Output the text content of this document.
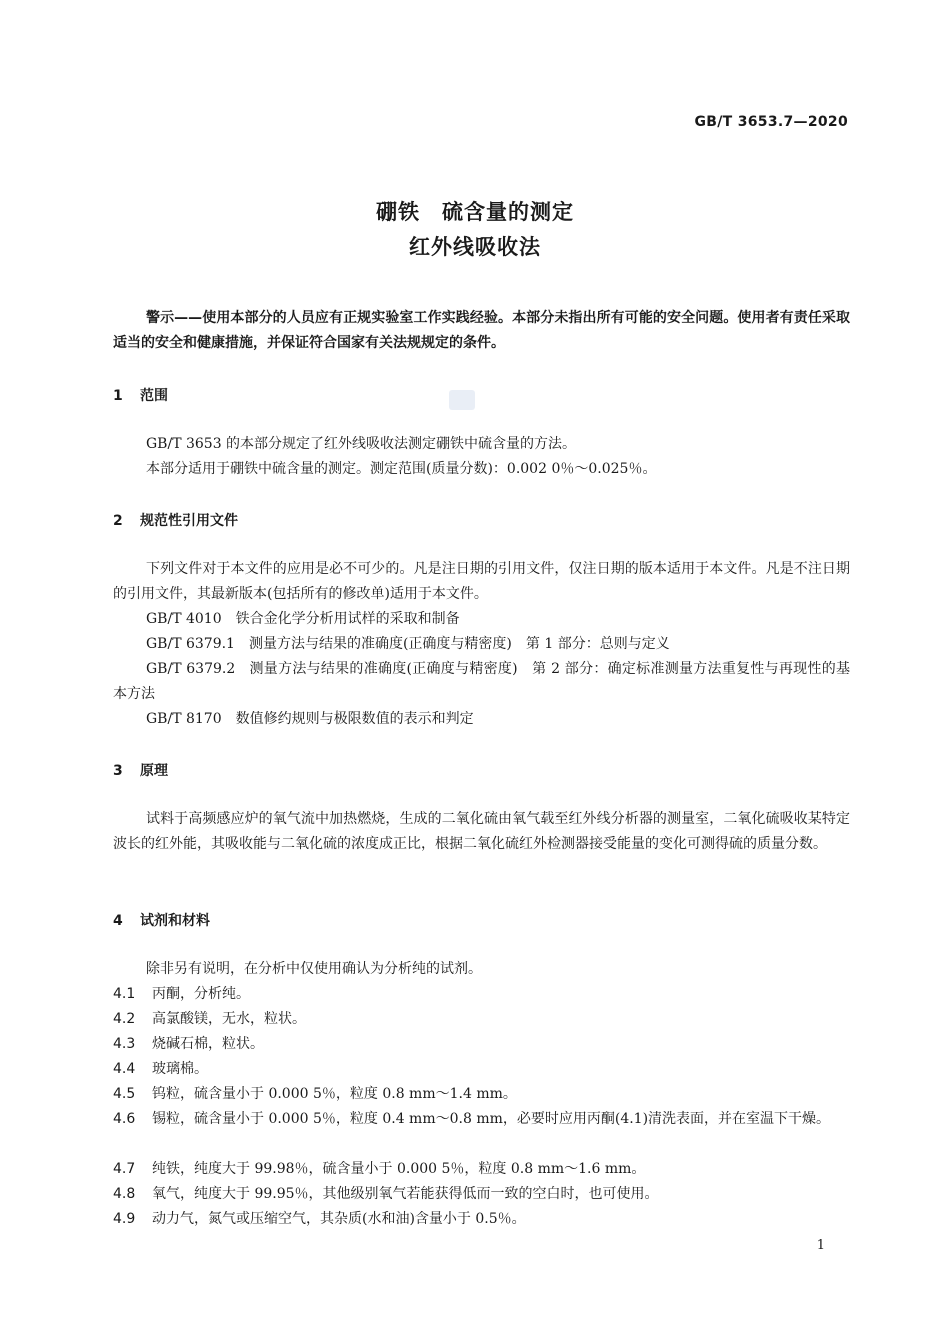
GB/T 3653.7—2020
硼铁　硫含量的测定
红外线吸收法
警示——使用本部分的人员应有正规实验室工作实践经验。本部分未指出所有可能的安全问题。使用者有责任采取适当的安全和健康措施，并保证符合国家有关法规规定的条件。
1 范围
GB/T 3653 的本部分规定了红外线吸收法测定硼铁中硫含量的方法。
本部分适用于硼铁中硫含量的测定。测定范围(质量分数)：0.002 0％～0.025％。
2 规范性引用文件
下列文件对于本文件的应用是必不可少的。凡是注日期的引用文件，仅注日期的版本适用于本文件。凡是不注日期的引用文件，其最新版本(包括所有的修改单)适用于本文件。
GB/T 4010 铁合金化学分析用试样的采取和制备
GB/T 6379.1 测量方法与结果的准确度(正确度与精密度)　第 1 部分：总则与定义
GB/T 6379.2 测量方法与结果的准确度(正确度与精密度)　第 2 部分：确定标准测量方法重复性与再现性的基本方法
GB/T 8170 数值修约规则与极限数值的表示和判定
3 原理
试料于高频感应炉的氧气流中加热燃烧，生成的二氧化硫由氧气载至红外线分析器的测量室，二氧化硫吸收某特定波长的红外能，其吸收能与二氧化硫的浓度成正比，根据二氧化硫红外检测器接受能量的变化可测得硫的质量分数。
4 试剂和材料
除非另有说明，在分析中仅使用确认为分析纯的试剂。
4.1 丙酮，分析纯。
4.2 高氯酸镁，无水，粒状。
4.3 烧碱石棉，粒状。
4.4 玻璃棉。
4.5 钨粒，硫含量小于 0.000 5％，粒度 0.8 mm～1.4 mm。
4.6 锡粒，硫含量小于 0.000 5％，粒度 0.4 mm～0.8 mm，必要时应用丙酮(4.1)清洗表面，并在室温下干燥。
4.7 纯铁，纯度大于 99.98％，硫含量小于 0.000 5％，粒度 0.8 mm～1.6 mm。
4.8 氧气，纯度大于 99.95％，其他级别氧气若能获得低而一致的空白时，也可使用。
4.9 动力气，氮气或压缩空气，其杂质(水和油)含量小于 0.5％。
1
